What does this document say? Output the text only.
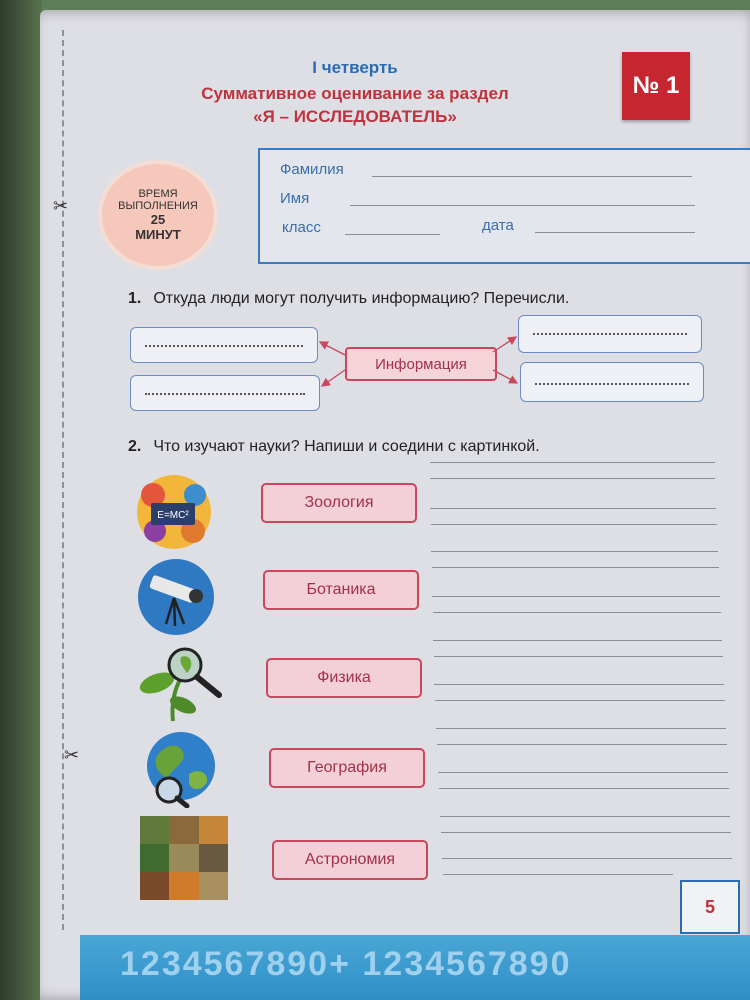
✂
✂
I четверть
Суммативное оценивание за раздел
«Я – ИССЛЕДОВАТЕЛЬ»
№ 1
ВРЕМЯ
ВЫПОЛНЕНИЯ
25
МИНУТ
Фамилия
Имя
класс	дата
1. Откуда люди могут получить информацию? Перечисли.
Информация
2. Что изучают науки? Напиши и соедини с картинкой.
E=MC²
Зоология
Ботаника
Физика
География
Астрономия
5
1234567890+ 1234567890
